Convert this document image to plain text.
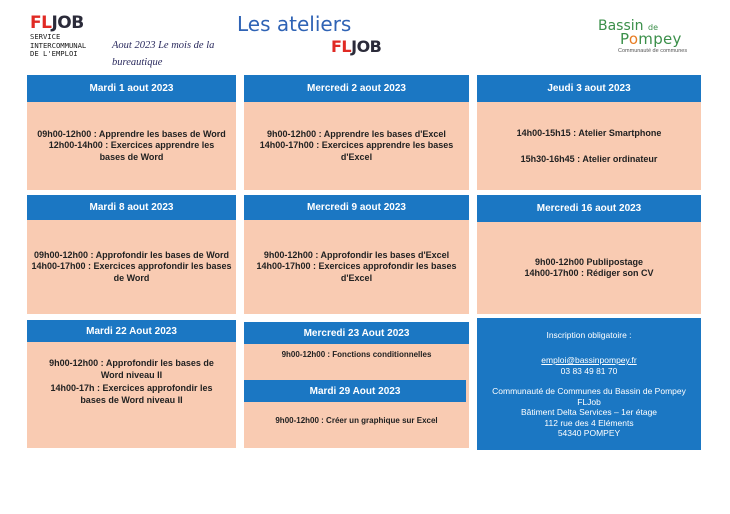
FLJOB
SERVICE
INTERCOMMUNAL
DE L'EMPLOI
Aout 2023 Le mois de la bureautique
Les ateliers
FLJOB
Bassin de
Pompey
Communauté de communes
Mardi 1 aout 2023

09h00-12h00 : Apprendre les bases de Word

12h00-14h00 : Exercices apprendre les bases de Word

Mercredi 2 aout 2023

9h00-12h00 : Apprendre les bases d'Excel

14h00-17h00 : Exercices apprendre les bases d'Excel

Jeudi 3 aout 2023

14h00-15h15 : Atelier Smartphone

15h30-16h45 : Atelier ordinateur

Mardi 8 aout 2023

09h00-12h00 : Approfondir les bases de Word

14h00-17h00 : Exercices approfondir les bases de Word

Mercredi 9 aout 2023

9h00-12h00 : Approfondir les bases d'Excel

14h00-17h00 : Exercices approfondir les bases d'Excel

Mercredi 16 aout 2023

9h00-12h00 Publipostage

14h00-17h00 : Rédiger son CV

Mardi 22 Aout 2023

9h00-12h00 : Approfondir les bases de Word niveau II

14h00-17h : Exercices approfondir les bases de Word niveau II

Mercredi 23 Aout 2023

9h00-12h00 : Fonctions conditionnelles

Mardi 29 Aout 2023

9h00-12h00 : Créer un graphique sur Excel

Inscription obligatoire :

emploi@bassinpompey.fr

03 83 49 81 70

Communauté de Communes du Bassin de Pompey

FLJob

Bâtiment Delta Services – 1er étage

112 rue des 4 Eléments

54340 POMPEY
